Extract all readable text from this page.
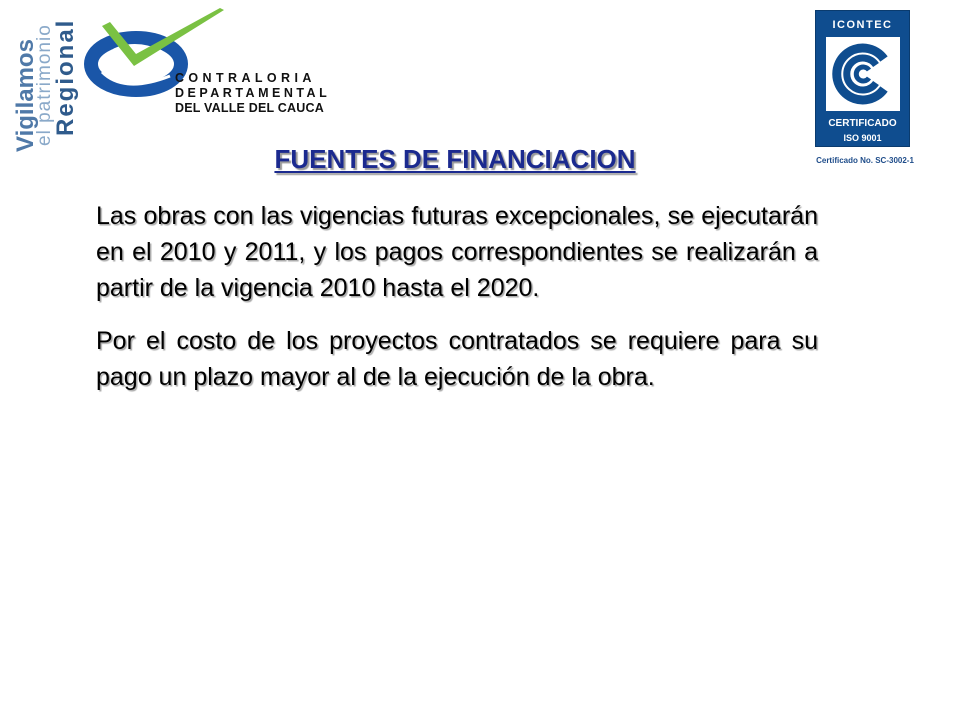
Vigilamos
el patrimonio
Regional	CONTRALORIA
DEPARTAMENTAL
DEL VALLE DEL CAUCA
ICONTEC
CERTIFICADO
ISO 9001
Certificado No. SC-3002-1
FUENTES DE FINANCIACION

Las obras con las vigencias futuras excepcionales, se ejecutarán en el 2010 y 2011, y los pagos correspondientes se realizarán a partir de la vigencia 2010 hasta el 2020.

Por el costo de los proyectos contratados se requiere para su pago un plazo mayor al de la ejecución de la obra.
